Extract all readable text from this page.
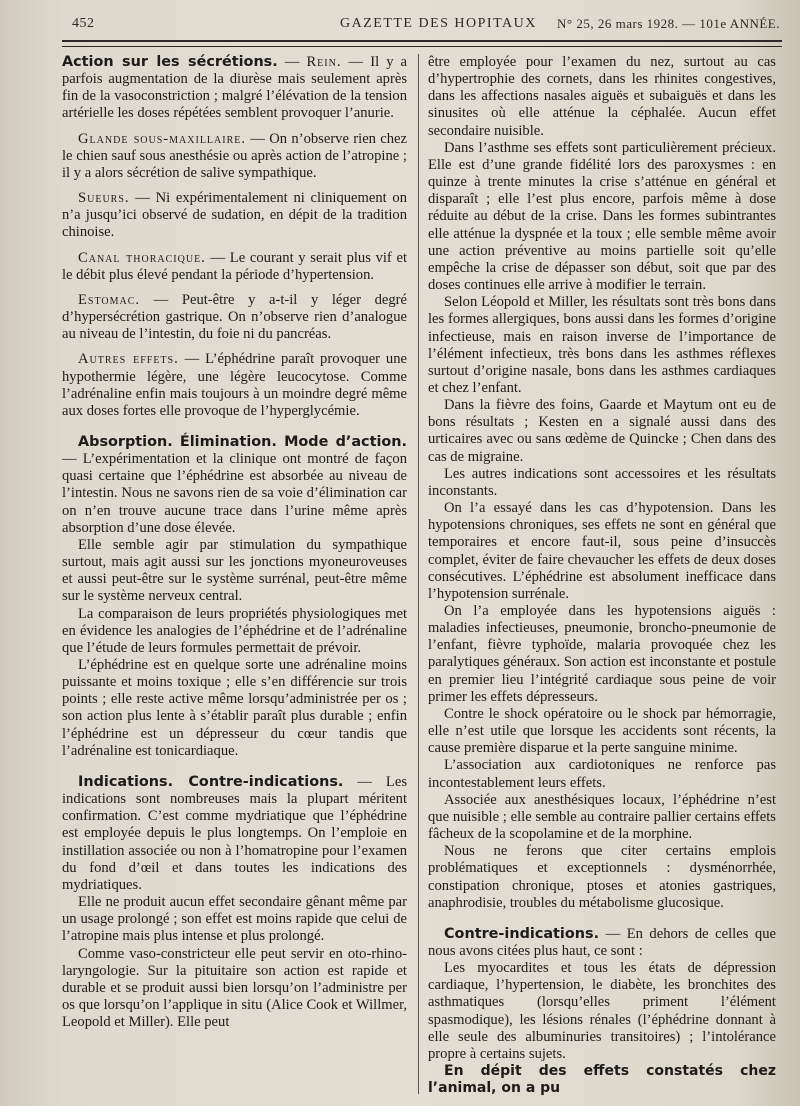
452	GAZETTE DES HOPITAUX N° 25, 26 mars 1928. — 101e ANNÉE.

Action sur les sécrétions. — Rein. — Il y a parfois augmentation de la diurèse mais seulement après fin de la vasoconstriction ; malgré l’élévation de la tension artérielle les doses répétées semblent provoquer l’anurie.

Glande sous-maxillaire. — On n’observe rien chez le chien sauf sous anesthésie ou après action de l’atropine ; il y a alors sécrétion de salive sympathique.

Sueurs. — Ni expérimentalement ni cliniquement on n’a jusqu’ici observé de sudation, en dépit de la tradition chinoise.

Canal thoracique. — Le courant y serait plus vif et le débit plus élevé pendant la période d’hypertension.

Estomac. — Peut-être y a-t-il y léger degré d’hypersécrétion gastrique. On n’observe rien d’analogue au niveau de l’intestin, du foie ni du pancréas.

Autres effets. — L’éphédrine paraît provoquer une hypothermie légère, une légère leucocytose. Comme l’adrénaline enfin mais toujours à un moindre degré même aux doses fortes elle provoque de l’hyperglycémie.

Absorption. Élimination. Mode d’action. — L’expérimentation et la clinique ont montré de façon quasi certaine que l’éphédrine est absorbée au niveau de l’intestin. Nous ne savons rien de sa voie d’élimination car on n’en trouve aucune trace dans l’urine même après absorption d’une dose élevée.

Elle semble agir par stimulation du sympathique surtout, mais agit aussi sur les jonctions myoneuroveuses et aussi peut-être sur le système surrénal, peut-être même sur le système nerveux central.

La comparaison de leurs propriétés physiologiques met en évidence les analogies de l’éphédrine et de l’adrénaline que l’étude de leurs formules permettait de prévoir.

L’éphédrine est en quelque sorte une adrénaline moins puissante et moins toxique ; elle s’en différencie sur trois points ; elle reste active même lorsqu’administrée per os ; son action plus lente à s’établir paraît plus durable ; enfin l’éphédrine est un dépresseur du cœur tandis que l’adrénaline est tonicardiaque.

Indications. Contre-indications. — Les indications sont nombreuses mais la plupart méritent confirmation. C’est comme mydriatique que l’éphédrine est employée depuis le plus longtemps. On l’emploie en instillation associée ou non à l’homatropine pour l’examen du fond d’œil et dans toutes les indications des mydriatiques.

Elle ne produit aucun effet secondaire gênant même par un usage prolongé ; son effet est moins rapide que celui de l’atropine mais plus intense et plus prolongé.

Comme vaso-constricteur elle peut servir en oto-rhino-laryngologie. Sur la pituitaire son action est rapide et durable et se produit aussi bien lorsqu’on l’administre per os que lorsqu’on l’applique in situ (Alice Cook et Willmer, Leopold et Miller). Elle peut

être employée pour l’examen du nez, surtout au cas d’hypertrophie des cornets, dans les rhinites congestives, dans les affections nasales aiguës et subaiguës et dans les sinusites où elle atténue la céphalée. Aucun effet secondaire nuisible.

Dans l’asthme ses effets sont particulièrement précieux. Elle est d’une grande fidélité lors des paroxysmes : en quinze à trente minutes la crise s’atténue en général et disparaît ; elle l’est plus encore, parfois même à dose réduite au début de la crise. Dans les formes subintrantes elle atténue la dyspnée et la toux ; elle semble même avoir une action préventive au moins partielle soit qu’elle empêche la crise de dépasser son début, soit que par des doses continues elle arrive à modifier le terrain.

Selon Léopold et Miller, les résultats sont très bons dans les formes allergiques, bons aussi dans les formes d’origine infectieuse, mais en raison inverse de l’importance de l’élément infectieux, très bons dans les asthmes réflexes surtout d’origine nasale, bons dans les asthmes cardiaques et chez l’enfant.

Dans la fièvre des foins, Gaarde et Maytum ont eu de bons résultats ; Kesten en a signalé aussi dans des urticaires avec ou sans œdème de Quincke ; Chen dans des cas de migraine.

Les autres indications sont accessoires et les résultats inconstants.

On l’a essayé dans les cas d’hypotension. Dans les hypotensions chroniques, ses effets ne sont en général que temporaires et encore faut-il, sous peine d’insuccès complet, éviter de faire chevaucher les effets de deux doses consécutives. L’éphédrine est absolument inefficace dans l’hypotension surrénale.

On l’a employée dans les hypotensions aiguës : maladies infectieuses, pneumonie, broncho-pneumonie de l’enfant, fièvre typhoïde, malaria provoquée chez les paralytiques généraux. Son action est inconstante et postule en premier lieu l’intégrité cardiaque sous peine de voir primer les effets dépresseurs.

Contre le shock opératoire ou le shock par hémorragie, elle n’est utile que lorsque les accidents sont récents, la cause première disparue et la perte sanguine minime.

L’association aux cardiotoniques ne renforce pas incontestablement leurs effets.

Associée aux anesthésiques locaux, l’éphédrine n’est que nuisible ; elle semble au contraire pallier certains effets fâcheux de la scopolamine et de la morphine.

Nous ne ferons que citer certains emplois problématiques et exceptionnels : dysménorrhée, constipation chronique, ptoses et atonies gastriques, anaphrodisie, troubles du métabolisme glucosique.

Contre-indications. — En dehors de celles que nous avons citées plus haut, ce sont :

Les myocardites et tous les états de dépression cardiaque, l’hypertension, le diabète, les bronchites des asthmatiques (lorsqu’elles priment l’élément spasmodique), les lésions rénales (l’éphédrine donnant à elle seule des albuminuries transitoires) ; l’intolérance propre à certains sujets.

En dépit des effets constatés chez l’animal, on a pu
